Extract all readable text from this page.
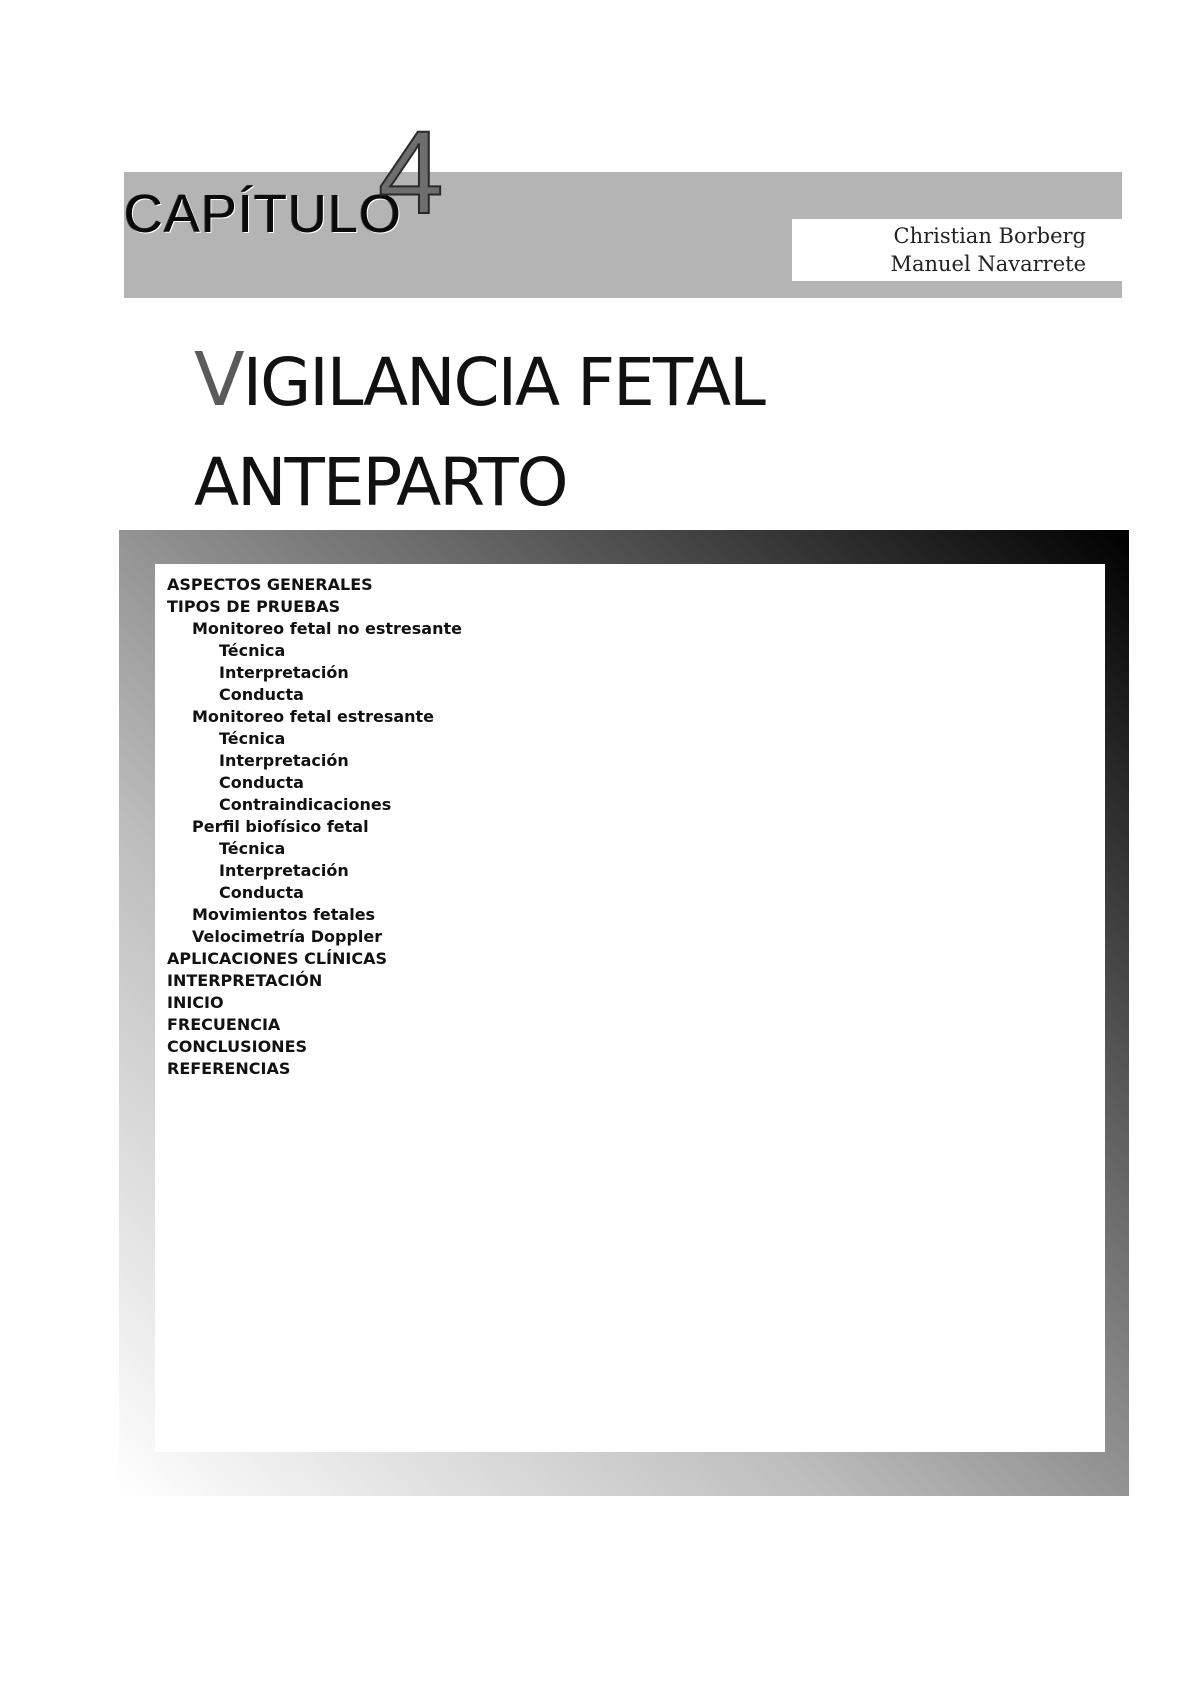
CAPÍTULO
4	Christian Borberg
Manuel Navarrete
VIGILANCIA FETAL
ANTEPARTO
ASPECTOS GENERALES
TIPOS DE PRUEBAS
Monitoreo fetal no estresante
Técnica
Interpretación
Conducta
Monitoreo fetal estresante
Técnica
Interpretación
Conducta
Contraindicaciones
Perfil biofísico fetal
Técnica
Interpretación
Conducta
Movimientos fetales
Velocimetría Doppler
APLICACIONES CLÍNICAS
INTERPRETACIÓN
INICIO
FRECUENCIA
CONCLUSIONES
REFERENCIAS
